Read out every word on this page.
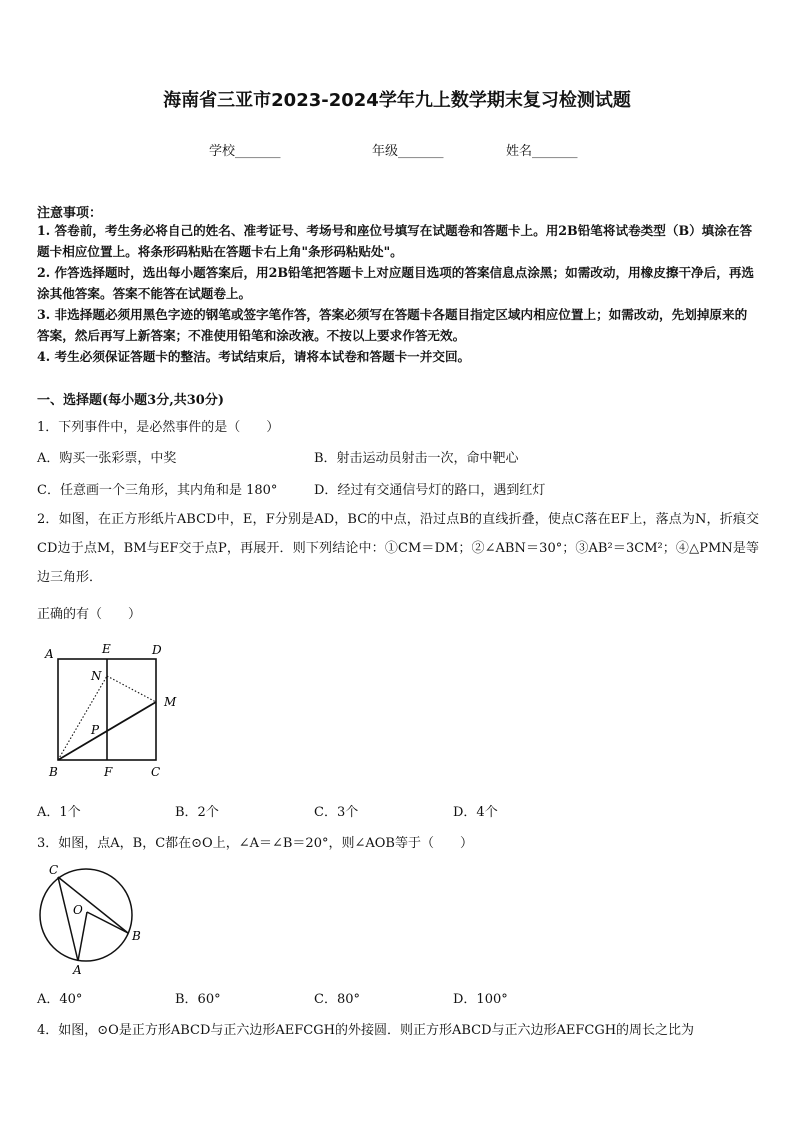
海南省三亚市2023-2024学年九上数学期末复习检测试题
学校_______	年级_______	姓名_______
注意事项：
1. 答卷前，考生务必将自己的姓名、准考证号、考场号和座位号填写在试题卷和答题卡上。用2B铅笔将试卷类型（B）填涂在答题卡相应位置上。将条形码粘贴在答题卡右上角"条形码粘贴处"。
2. 作答选择题时，选出每小题答案后，用2B铅笔把答题卡上对应题目选项的答案信息点涂黑；如需改动，用橡皮擦干净后，再选涂其他答案。答案不能答在试题卷上。
3. 非选择题必须用黑色字迹的钢笔或签字笔作答，答案必须写在答题卡各题目指定区域内相应位置上；如需改动，先划掉原来的答案，然后再写上新答案；不准使用铅笔和涂改液。不按以上要求作答无效。
4. 考生必须保证答题卡的整洁。考试结束后，请将本试卷和答题卡一并交回。
一、选择题(每小题3分,共30分)
1．下列事件中，是必然事件的是（　　）
A．购买一张彩票，中奖	B．射击运动员射击一次，命中靶心
C．任意画一个三角形，其内角和是 180°	D．经过有交通信号灯的路口，遇到红灯
2．如图，在正方形纸片ABCD中，E，F分别是AD，BC的中点，沿过点B的直线折叠，使点C落在EF上，落点为N，折痕交CD边于点M，BM与EF交于点P，再展开．则下列结论中：①CM＝DM；②∠ABN＝30°；③AB²＝3CM²；④△PMN是等边三角形．
正确的有（　　）
A	E	D
N
M
P
B	F	C
A．1个	B．2个	C．3个	D．4个
3．如图，点A，B，C都在⊙O上，∠A＝∠B＝20°，则∠AOB等于（　　）
C
O
B
A
A．40°	B．60°	C．80°	D．100°
4．如图，⊙O是正方形ABCD与正六边形AEFCGH的外接圆．则正方形ABCD与正六边形AEFCGH的周长之比为
